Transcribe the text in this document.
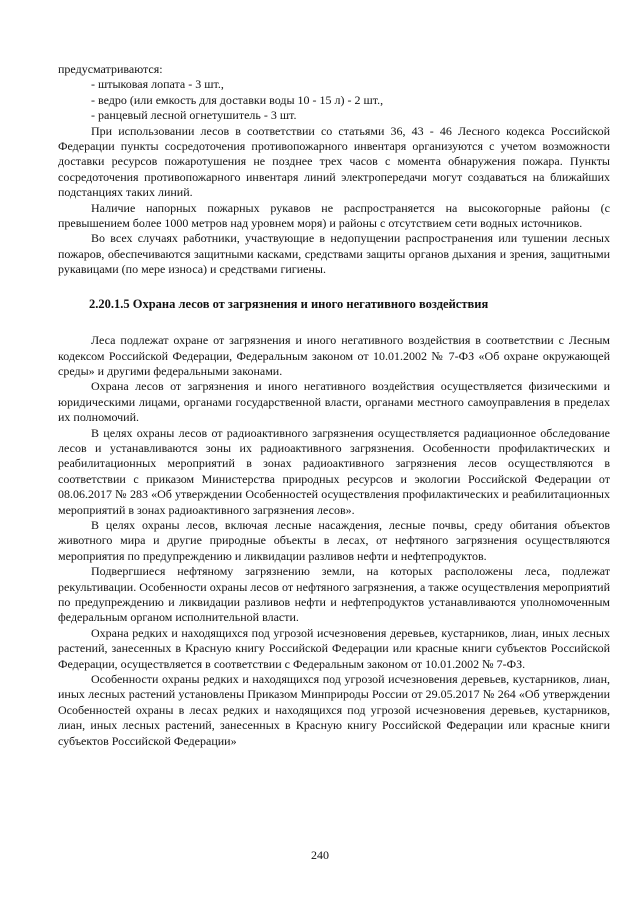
предусматриваются:

- штыковая лопата - 3 шт.,
- ведро (или емкость для доставки воды 10 - 15 л) - 2 шт.,
- ранцевый лесной огнетушитель - 3 шт.

При использовании лесов в соответствии со статьями 36, 43 - 46 Лесного кодекса Российской Федерации пункты сосредоточения противопожарного инвентаря организуются с учетом возможности доставки ресурсов пожаротушения не позднее трех часов с момента обнаружения пожара. Пункты сосредоточения противопожарного инвентаря линий электропередачи могут создаваться на ближайших подстанциях таких линий.

Наличие напорных пожарных рукавов не распространяется на высокогорные районы (с превышением более 1000 метров над уровнем моря) и районы с отсутствием сети водных источников.

Во всех случаях работники, участвующие в недопущении распространения или тушении лесных пожаров, обеспечиваются защитными касками, средствами защиты органов дыхания и зрения, защитными рукавицами (по мере износа) и средствами гигиены.

2.20.1.5 Охрана лесов от загрязнения и иного негативного воздействия

Леса подлежат охране от загрязнения и иного негативного воздействия в соответствии с Лесным кодексом Российской Федерации, Федеральным законом от 10.01.2002 № 7-ФЗ «Об охране окружающей среды» и другими федеральными законами.

Охрана лесов от загрязнения и иного негативного воздействия осуществляется физическими и юридическими лицами, органами государственной власти, органами местного самоуправления в пределах их полномочий.

В целях охраны лесов от радиоактивного загрязнения осуществляется радиационное обследование лесов и устанавливаются зоны их радиоактивного загрязнения. Особенности профилактических и реабилитационных мероприятий в зонах радиоактивного загрязнения лесов осуществляются в соответствии с приказом Министерства природных ресурсов и экологии Российской Федерации от 08.06.2017 № 283 «Об утверждении Особенностей осуществления профилактических и реабилитационных мероприятий в зонах радиоактивного загрязнения лесов».

В целях охраны лесов, включая лесные насаждения, лесные почвы, среду обитания объектов животного мира и другие природные объекты в лесах, от нефтяного загрязнения осуществляются мероприятия по предупреждению и ликвидации разливов нефти и нефтепродуктов.

Подвергшиеся нефтяному загрязнению земли, на которых расположены леса, подлежат рекультивации. Особенности охраны лесов от нефтяного загрязнения, а также осуществления мероприятий по предупреждению и ликвидации разливов нефти и нефтепродуктов устанавливаются уполномоченным федеральным органом исполнительной власти.

Охрана редких и находящихся под угрозой исчезновения деревьев, кустарников, лиан, иных лесных растений, занесенных в Красную книгу Российской Федерации или красные книги субъектов Российской Федерации, осуществляется в соответствии с Федеральным законом от 10.01.2002 № 7-ФЗ.

Особенности охраны редких и находящихся под угрозой исчезновения деревьев, кустарников, лиан, иных лесных растений установлены Приказом Минприроды России от 29.05.2017 № 264 «Об утверждении Особенностей охраны в лесах редких и находящихся под угрозой исчезновения деревьев, кустарников, лиан, иных лесных растений, занесенных в Красную книгу Российской Федерации или красные книги субъектов Российской Федерации»

240
